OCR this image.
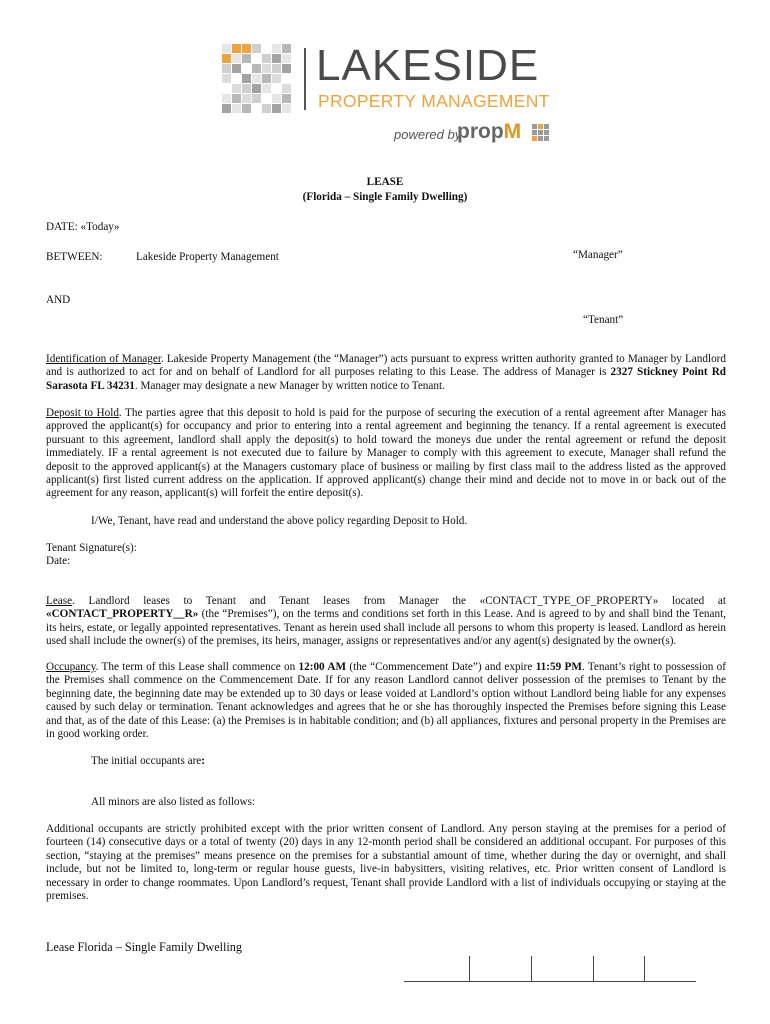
LAKESIDE
PROPERTY MANAGEMENT
powered by
propM
LEASE
(Florida – Single Family Dwelling)
DATE: «Today»
BETWEEN:	Lakeside Property Management	“Manager”
AND
“Tenant”
Identification of Manager. Lakeside Property Management (the “Manager”) acts pursuant to express written authority granted to Manager by Landlord and is authorized to act for and on behalf of Landlord for all purposes relating to this Lease. The address of Manager is 2327 Stickney Point Rd Sarasota FL 34231. Manager may designate a new Manager by written notice to Tenant.
Deposit to Hold. The parties agree that this deposit to hold is paid for the purpose of securing the execution of a rental agreement after Manager has approved the applicant(s) for occupancy and prior to entering into a rental agreement and beginning the tenancy. If a rental agreement is executed pursuant to this agreement, landlord shall apply the deposit(s) to hold toward the moneys due under the rental agreement or refund the deposit immediately. IF a rental agreement is not executed due to failure by Manager to comply with this agreement to execute, Manager shall refund the deposit to the approved applicant(s) at the Managers customary place of business or mailing by first class mail to the address listed as the approved applicant(s) first listed current address on the application. If approved applicant(s) change their mind and decide not to move in or back out of the agreement for any reason, applicant(s) will forfeit the entire deposit(s).
I/We, Tenant, have read and understand the above policy regarding Deposit to Hold.
Tenant Signature(s):
Date:
Lease. Landlord leases to Tenant and Tenant leases from Manager the «CONTACT_TYPE_OF_PROPERTY» located at «CONTACT_PROPERTY__R» (the “Premises”), on the terms and conditions set forth in this Lease. And is agreed to by and shall bind the Tenant, its heirs, estate, or legally appointed representatives. Tenant as herein used shall include all persons to whom this property is leased. Landlord as herein used shall include the owner(s) of the premises, its heirs, manager, assigns or representatives and/or any agent(s) designated by the owner(s).
Occupancy. The term of this Lease shall commence on 12:00 AM (the “Commencement Date”) and expire 11:59 PM. Tenant’s right to possession of the Premises shall commence on the Commencement Date. If for any reason Landlord cannot deliver possession of the premises to Tenant by the beginning date, the beginning date may be extended up to 30 days or lease voided at Landlord’s option without Landlord being liable for any expenses caused by such delay or termination. Tenant acknowledges and agrees that he or she has thoroughly inspected the Premises before signing this Lease and that, as of the date of this Lease: (a) the Premises is in habitable condition; and (b) all appliances, fixtures and personal property in the Premises are in good working order.
The initial occupants are:
All minors are also listed as follows:
Additional occupants are strictly prohibited except with the prior written consent of Landlord. Any person staying at the premises for a period of fourteen (14) consecutive days or a total of twenty (20) days in any 12-month period shall be considered an additional occupant. For purposes of this section, “staying at the premises” means presence on the premises for a substantial amount of time, whether during the day or overnight, and shall include, but not be limited to, long-term or regular house guests, live-in babysitters, visiting relatives, etc. Prior written consent of Landlord is necessary in order to change roommates. Upon Landlord’s request, Tenant shall provide Landlord with a list of individuals occupying or staying at the premises.
Lease Florida – Single Family Dwelling
